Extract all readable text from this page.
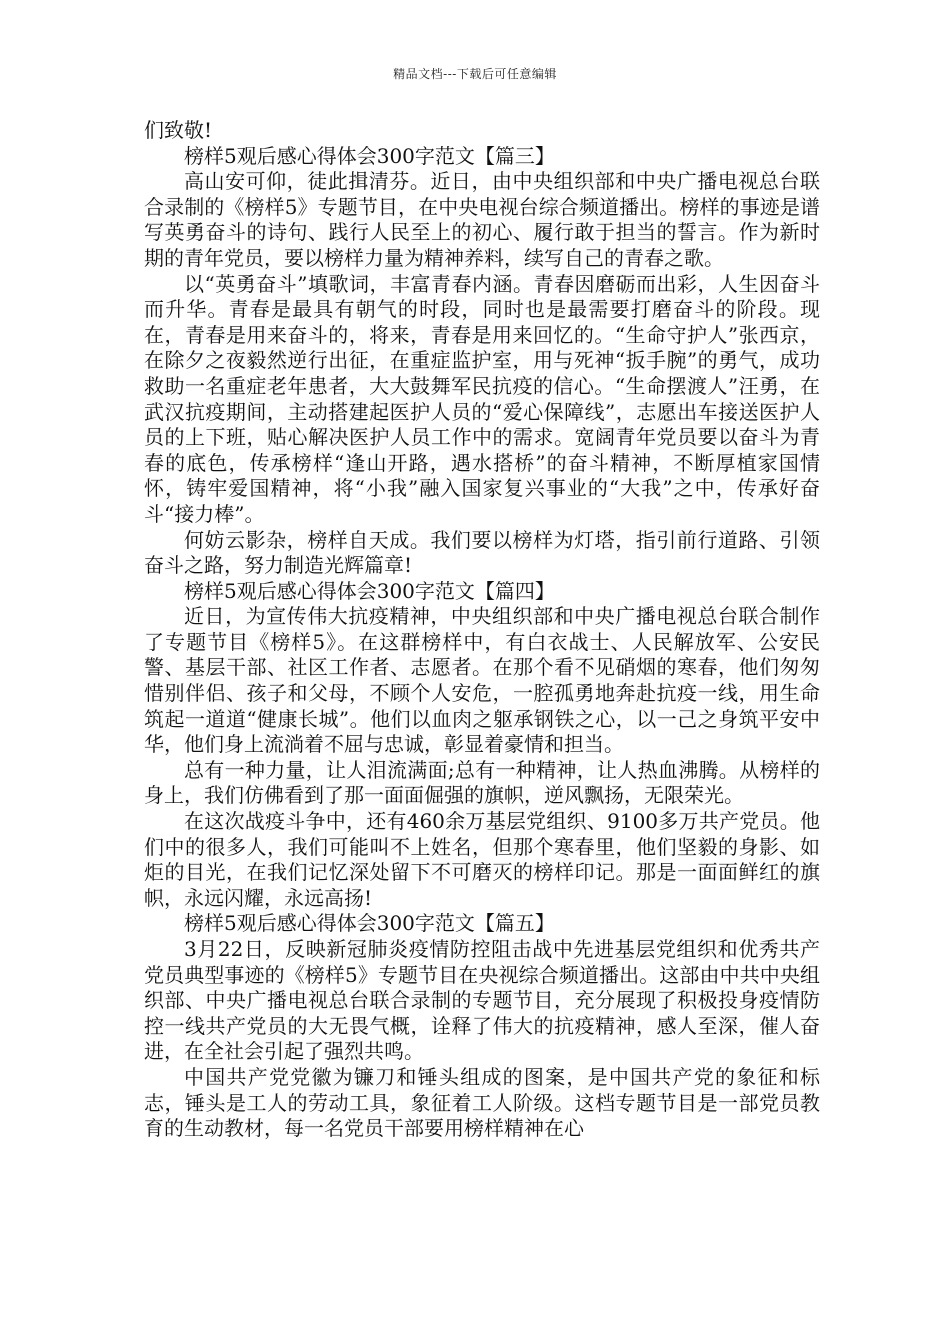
精品文档---下载后可任意编辑

们致敬!

榜样5观后感心得体会300字范文【篇三】

高山安可仰，徒此揖清芬。近日，由中央组织部和中央广播电视总台联合录制的《榜样5》专题节目，在中央电视台综合频道播出。榜样的事迹是谱写英勇奋斗的诗句、践行人民至上的初心、履行敢于担当的誓言。作为新时期的青年党员，要以榜样力量为精神养料，续写自己的青春之歌。

以“英勇奋斗”填歌词，丰富青春内涵。青春因磨砺而出彩，人生因奋斗而升华。青春是最具有朝气的时段，同时也是最需要打磨奋斗的阶段。现在，青春是用来奋斗的，将来，青春是用来回忆的。“生命守护人”张西京，在除夕之夜毅然逆行出征，在重症监护室，用与死神“扳手腕”的勇气，成功救助一名重症老年患者，大大鼓舞军民抗疫的信心。“生命摆渡人”汪勇，在武汉抗疫期间，主动搭建起医护人员的“爱心保障线”，志愿出车接送医护人员的上下班，贴心解决医护人员工作中的需求。宽阔青年党员要以奋斗为青春的底色，传承榜样“逢山开路，遇水搭桥”的奋斗精神，不断厚植家国情怀，铸牢爱国精神，将“小我”融入国家复兴事业的“大我”之中，传承好奋斗“接力棒”。

何妨云影杂，榜样自天成。我们要以榜样为灯塔，指引前行道路、引领奋斗之路，努力制造光辉篇章!

榜样5观后感心得体会300字范文【篇四】

近日，为宣传伟大抗疫精神，中央组织部和中央广播电视总台联合制作了专题节目《榜样5》。在这群榜样中，有白衣战士、人民解放军、公安民警、基层干部、社区工作者、志愿者。在那个看不见硝烟的寒春，他们匆匆惜别伴侣、孩子和父母，不顾个人安危，一腔孤勇地奔赴抗疫一线，用生命筑起一道道“健康长城”。他们以血肉之躯承钢铁之心，以一己之身筑平安中华，他们身上流淌着不屈与忠诚，彰显着豪情和担当。

总有一种力量，让人泪流满面;总有一种精神，让人热血沸腾。从榜样的身上，我们仿佛看到了那一面面倔强的旗帜，逆风飘扬，无限荣光。

在这次战疫斗争中，还有460余万基层党组织、9100多万共产党员。他们中的很多人，我们可能叫不上姓名，但那个寒春里，他们坚毅的身影、如炬的目光，在我们记忆深处留下不可磨灭的榜样印记。那是一面面鲜红的旗帜，永远闪耀，永远高扬!

榜样5观后感心得体会300字范文【篇五】

3月22日，反映新冠肺炎疫情防控阻击战中先进基层党组织和优秀共产党员典型事迹的《榜样5》专题节目在央视综合频道播出。这部由中共中央组织部、中央广播电视总台联合录制的专题节目，充分展现了积极投身疫情防控一线共产党员的大无畏气概，诠释了伟大的抗疫精神，感人至深，催人奋进，在全社会引起了强烈共鸣。

中国共产党党徽为镰刀和锤头组成的图案，是中国共产党的象征和标志，锤头是工人的劳动工具，象征着工人阶级。这档专题节目是一部党员教育的生动教材，每一名党员干部要用榜样精神在心
